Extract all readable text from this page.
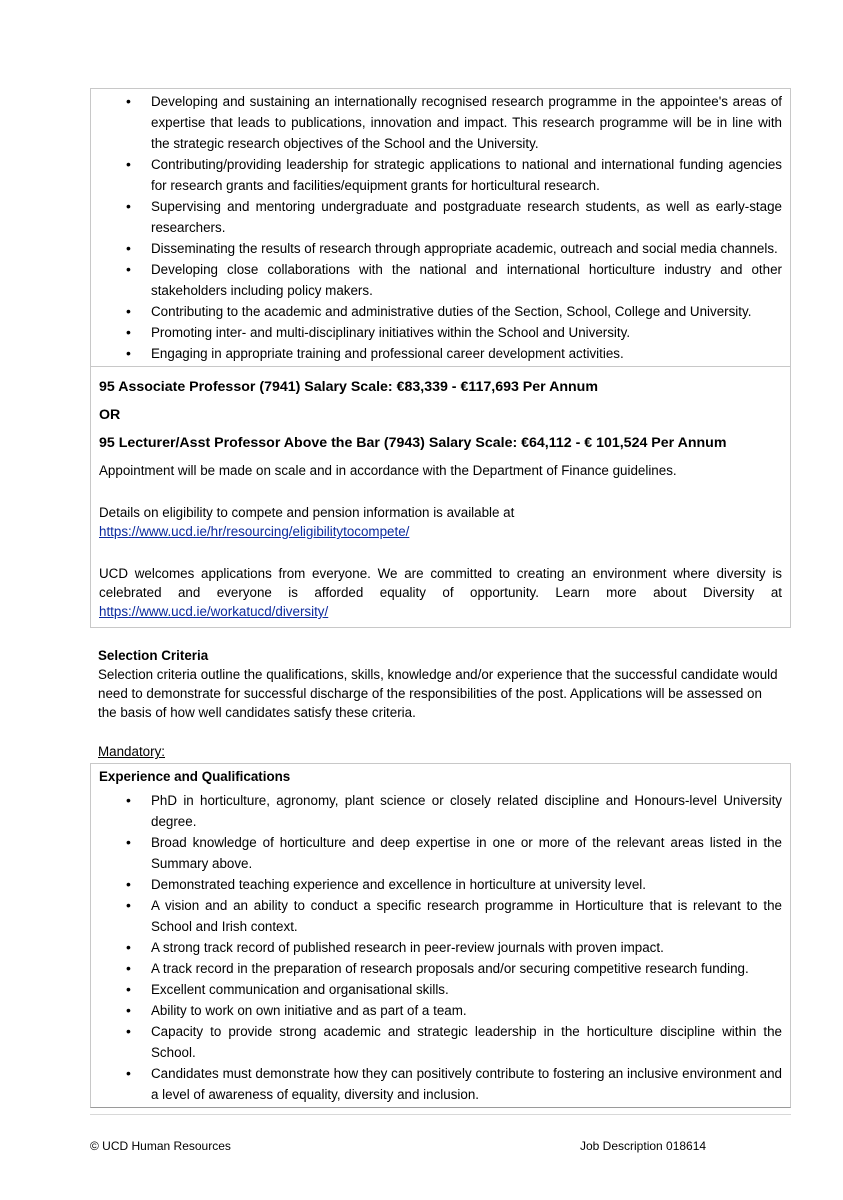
• Developing and sustaining an internationally recognised research programme in the appointee's areas of expertise that leads to publications, innovation and impact. This research programme will be in line with the strategic research objectives of the School and the University.
• Contributing/providing leadership for strategic applications to national and international funding agencies for research grants and facilities/equipment grants for horticultural research.
• Supervising and mentoring undergraduate and postgraduate research students, as well as early-stage researchers.
• Disseminating the results of research through appropriate academic, outreach and social media channels.
• Developing close collaborations with the national and international horticulture industry and other stakeholders including policy makers.
• Contributing to the academic and administrative duties of the Section, School, College and University.
• Promoting inter- and multi-disciplinary initiatives within the School and University.
• Engaging in appropriate training and professional career development activities.
95 Associate Professor (7941) Salary Scale: €83,339 - €117,693 Per Annum
OR
95 Lecturer/Asst Professor Above the Bar (7943) Salary Scale: €64,112 - € 101,524 Per Annum

Appointment will be made on scale and in accordance with the Department of Finance guidelines.

Details on eligibility to compete and pension information is available at

https://www.ucd.ie/hr/resourcing/eligibilitytocompete/

UCD welcomes applications from everyone. We are committed to creating an environment where diversity is celebrated and everyone is afforded equality of opportunity. Learn more about Diversity at https://www.ucd.ie/workatucd/diversity/

Selection Criteria

Selection criteria outline the qualifications, skills, knowledge and/or experience that the successful candidate would need to demonstrate for successful discharge of the responsibilities of the post. Applications will be assessed on the basis of how well candidates satisfy these criteria.

Mandatory:
Experience and Qualifications
• PhD in horticulture, agronomy, plant science or closely related discipline and Honours-level University degree.
• Broad knowledge of horticulture and deep expertise in one or more of the relevant areas listed in the Summary above.
• Demonstrated teaching experience and excellence in horticulture at university level.
• A vision and an ability to conduct a specific research programme in Horticulture that is relevant to the School and Irish context.
• A strong track record of published research in peer-review journals with proven impact.
• A track record in the preparation of research proposals and/or securing competitive research funding.
• Excellent communication and organisational skills.
• Ability to work on own initiative and as part of a team.
• Capacity to provide strong academic and strategic leadership in the horticulture discipline within the School.
• Candidates must demonstrate how they can positively contribute to fostering an inclusive environment and a level of awareness of equality, diversity and inclusion.
© UCD Human Resources	Job Description 018614
